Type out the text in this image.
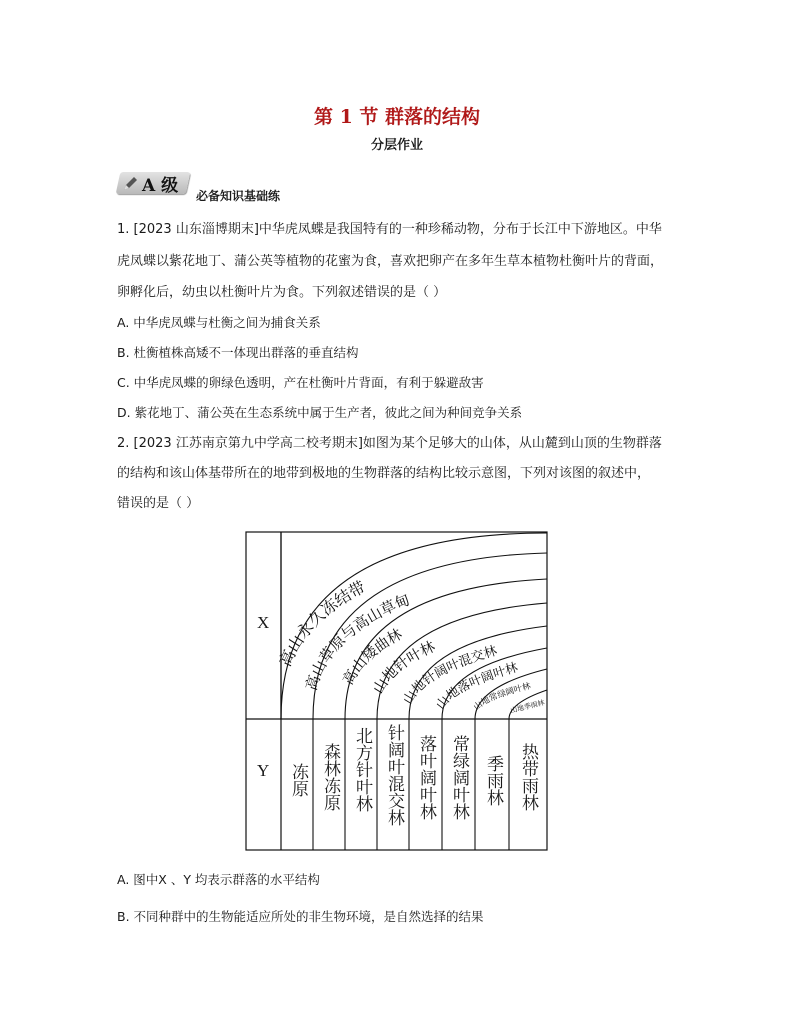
第 1 节 群落的结构
分层作业
A 级 必备知识基础练
1. [2023 山东淄博期末]中华虎凤蝶是我国特有的一种珍稀动物，分布于长江中下游地区。中华
虎凤蝶以紫花地丁、蒲公英等植物的花蜜为食，喜欢把卵产在多年生草本植物杜衡叶片的背面，
卵孵化后，幼虫以杜衡叶片为食。下列叙述错误的是（ ）
A. 中华虎凤蝶与杜衡之间为捕食关系
B. 杜衡植株高矮不一体现出群落的垂直结构
C. 中华虎凤蝶的卵绿色透明，产在杜衡叶片背面，有利于躲避敌害
D. 紫花地丁、蒲公英在生态系统中属于生产者，彼此之间为种间竞争关系
2. [2023 江苏南京第九中学高二校考期末]如图为某个足够大的山体，从山麓到山顶的生物群落
的结构和该山体基带所在的地带到极地的生物群落的结构比较示意图，下列对该图的叙述中，
错误的是（ ）
高山永久冻结带
高山草原与高山草甸
高山矮曲林
山地针叶林
山地针阔叶混交林
山地落叶阔叶林
山地常绿阔叶林
山地季雨林
X
Y 冻原 森林冻原 北方针叶林 针阔叶混交林 落叶阔叶林 常绿阔叶林 季雨林 热带雨林
A. 图中X 、Y 均表示群落的水平结构
B. 不同种群中的生物能适应所处的非生物环境，是自然选择的结果
